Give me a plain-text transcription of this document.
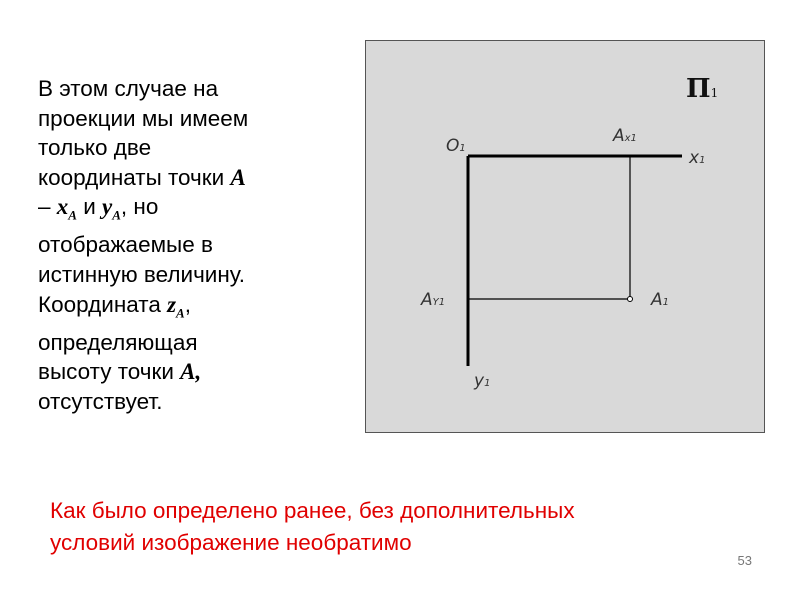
В этом случае на
проекции мы имеем
только две
координаты точки А
– $x_A$ и $y_A$, но
отображаемые в
истинную величину.
Координата $z_A$,
определяющая
высоту точки А,
отсутствует.
П1
O1
Ax1
x1
AY1	A1
y1
Как было определено ранее, без дополнительных
условий изображение необратимо
53
